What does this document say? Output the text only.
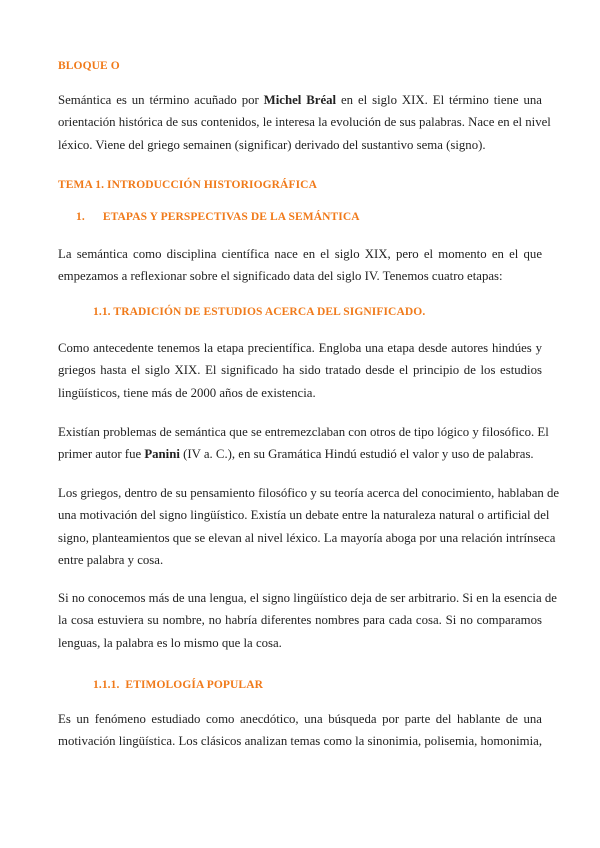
BLOQUE O

Semántica es un término acuñado por Michel Bréal en el siglo XIX. El término tiene una
orientación histórica de sus contenidos, le interesa la evolución de sus palabras. Nace en el nivel
léxico. Viene del griego semainen (significar) derivado del sustantivo sema (signo).

TEMA 1. INTRODUCCIÓN HISTORIOGRÁFICA
1. ETAPAS Y PERSPECTIVAS DE LA SEMÁNTICA

La semántica como disciplina científica nace en el siglo XIX, pero el momento en el que
empezamos a reflexionar sobre el significado data del siglo IV. Tenemos cuatro etapas:

1.1. TRADICIÓN DE ESTUDIOS ACERCA DEL SIGNIFICADO.

Como antecedente tenemos la etapa precientífica. Engloba una etapa desde autores hindúes y
griegos hasta el siglo XIX. El significado ha sido tratado desde el principio de los estudios
lingüísticos, tiene más de 2000 años de existencia.

Existían problemas de semántica que se entremezclaban con otros de tipo lógico y filosófico. El
primer autor fue Panini (IV a. C.), en su Gramática Hindú estudió el valor y uso de palabras.

Los griegos, dentro de su pensamiento filosófico y su teoría acerca del conocimiento, hablaban de
una motivación del signo lingüístico. Existía un debate entre la naturaleza natural o artificial del
signo, planteamientos que se elevan al nivel léxico. La mayoría aboga por una relación intrínseca
entre palabra y cosa.

Si no conocemos más de una lengua, el signo lingüístico deja de ser arbitrario. Si en la esencia de
la cosa estuviera su nombre, no habría diferentes nombres para cada cosa. Si no comparamos
lenguas, la palabra es lo mismo que la cosa.

1.1.1.  ETIMOLOGÍA POPULAR

Es un fenómeno estudiado como anecdótico, una búsqueda por parte del hablante de una
motivación lingüística. Los clásicos analizan temas como la sinonimia, polisemia, homonimia,
